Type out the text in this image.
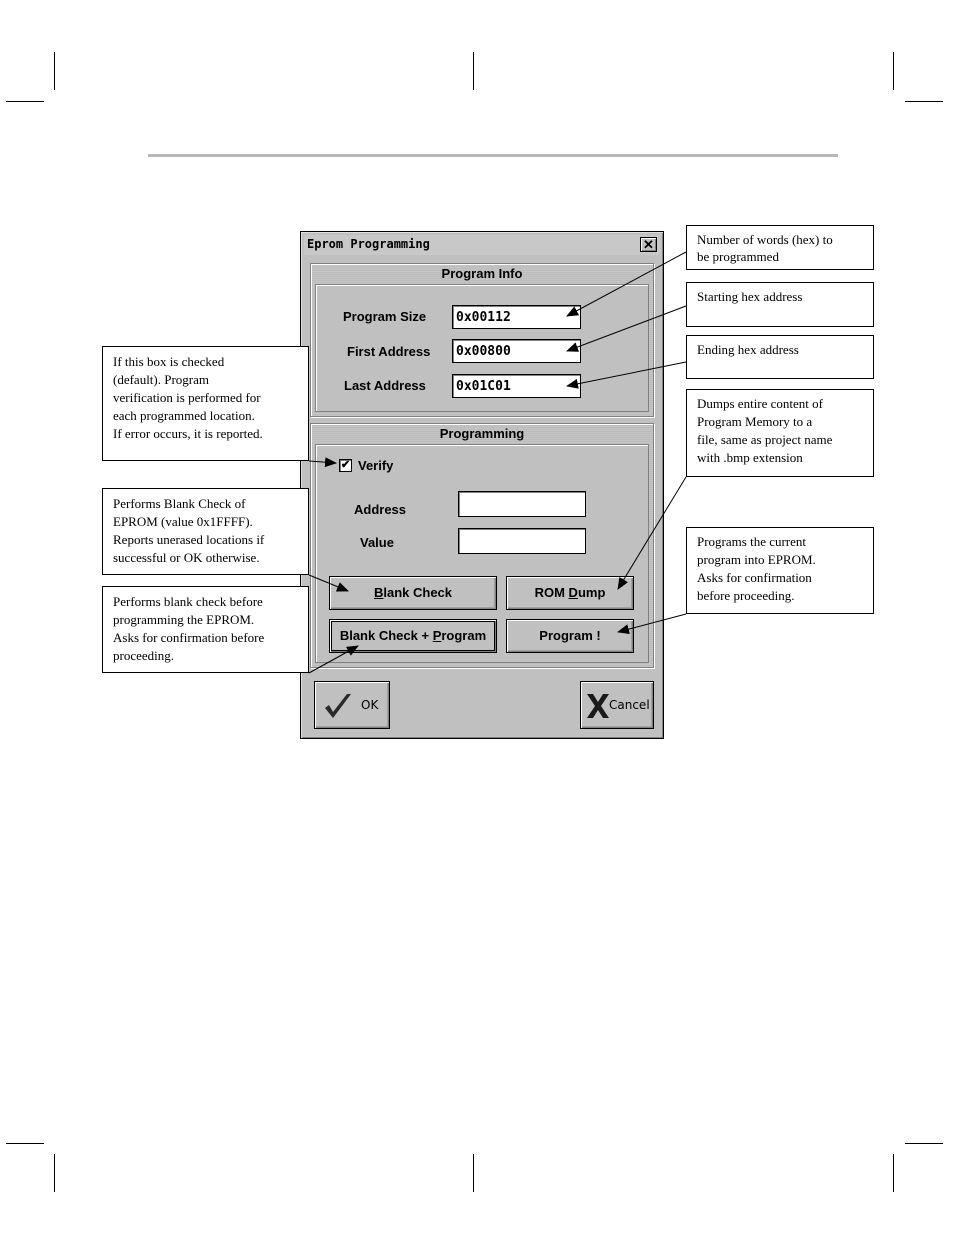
Eprom Programming	✕
Program Info
Program Size
0x00112
First Address
0x00800
Last Address
0x01C01
Programming
✔ Verify
Address
Value
Blank Check	ROM Dump
Blank Check + Program	Program !
OK	Cancel
Number of words (hex) to
be programmed
Starting hex address
Ending hex address
Dumps entire content of
Program Memory to a
file, same as project name
with .bmp extension
Programs the current
program into EPROM.
Asks for confirmation
before proceeding.
If this box is checked
(default). Program
verification is performed for
each programmed location.
If error occurs, it is reported.
Performs Blank Check of
EPROM (value 0x1FFFF).
Reports unerased locations if
successful or OK otherwise.
Performs blank check before
programming the EPROM.
Asks for confirmation before
proceeding.
